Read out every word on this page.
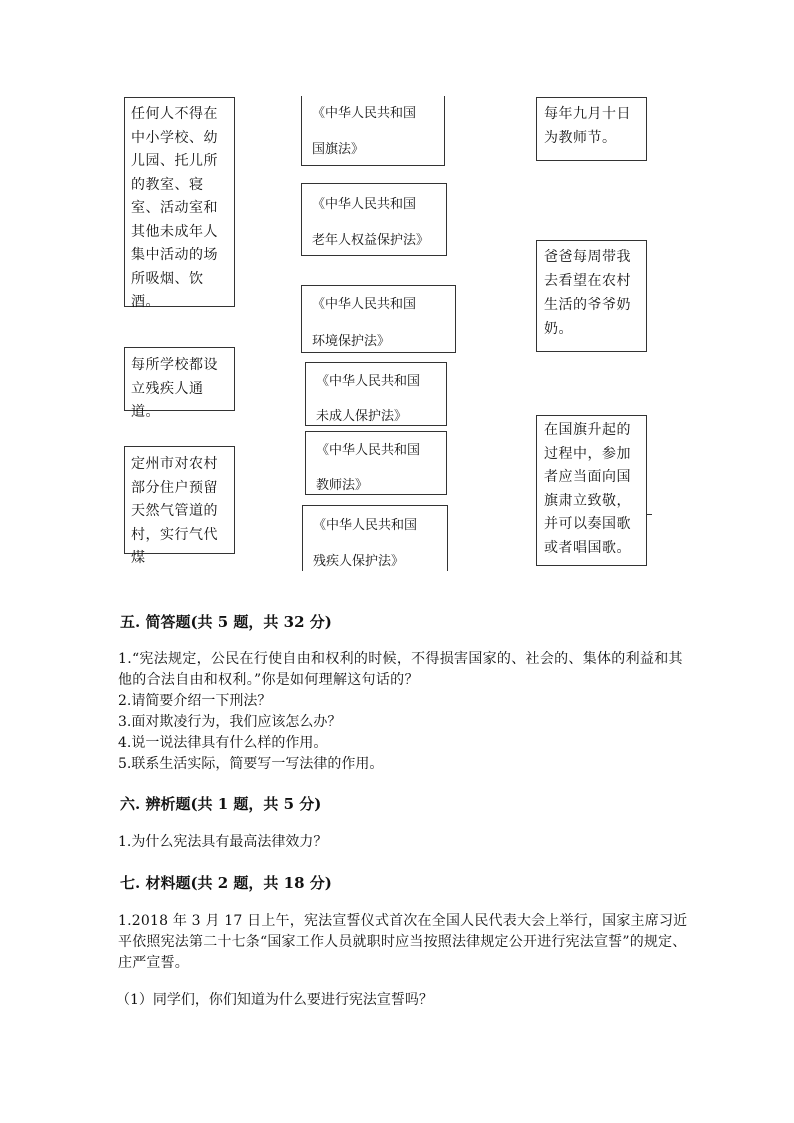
任何人不得在中小学校、幼儿园、托儿所的教室、寝室、活动室和其他未成年人集中活动的场所吸烟、饮酒。

每所学校都设立残疾人通道。

定州市对农村部分住户预留天然气管道的村，实行气代煤

《中华人民共和国
国旗法》
《中华人民共和国
老年人权益保护法》
《中华人民共和国
环境保护法》
《中华人民共和国
未成人保护法》
《中华人民共和国
教师法》
《中华人民共和国
残疾人保护法》

每年九月十日为教师节。

爸爸每周带我去看望在农村生活的爷爷奶奶。

在国旗升起的过程中，参加者应当面向国旗肃立致敬，并可以奏国歌或者唱国歌。

五. 简答题(共 5 题，共 32 分)
1.“宪法规定，公民在行使自由和权利的时候，不得损害国家的、社会的、集体的利益和其他的合法自由和权利。”你是如何理解这句话的？
2.请简要介绍一下刑法？
3.面对欺凌行为，我们应该怎么办？
4.说一说法律具有什么样的作用。
5.联系生活实际，简要写一写法律的作用。
六. 辨析题(共 1 题，共 5 分)
1.为什么宪法具有最高法律效力？
七. 材料题(共 2 题，共 18 分)
1.2018 年 3 月 17 日上午，宪法宣誓仪式首次在全国人民代表大会上举行，国家主席习近平依照宪法第二十七条“国家工作人员就职时应当按照法律规定公开进行宪法宣誓”的规定、庄严宣誓。
（1）同学们，你们知道为什么要进行宪法宣誓吗？
